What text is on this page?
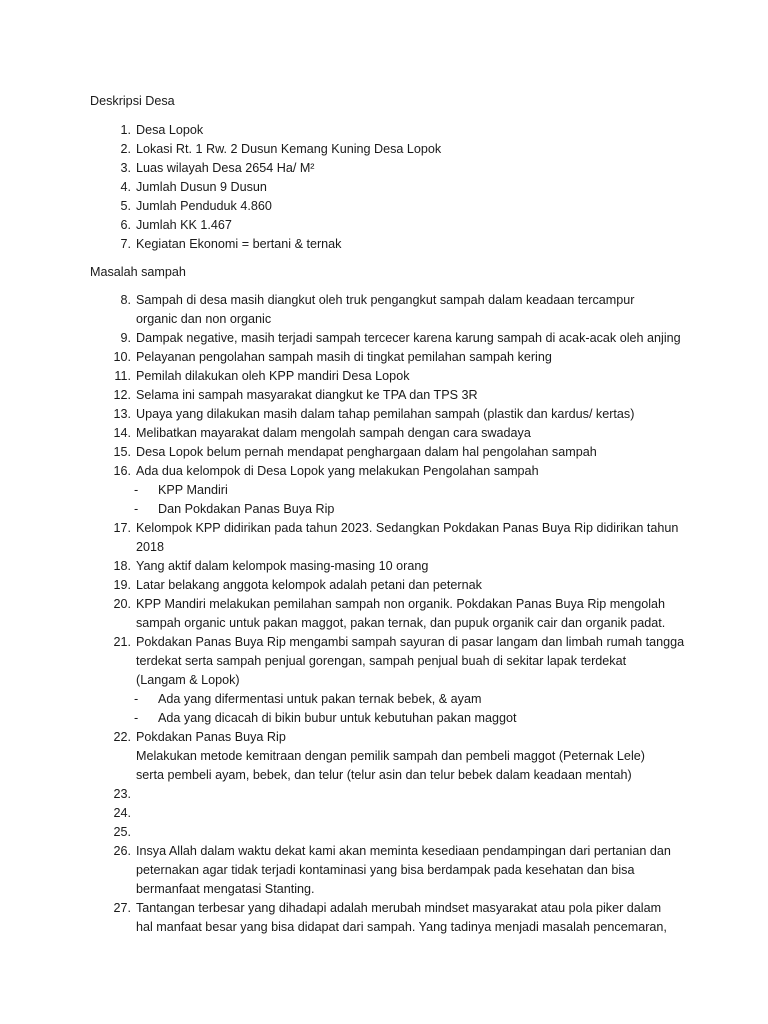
Deskripsi Desa
1. Desa Lopok
2. Lokasi Rt. 1 Rw. 2 Dusun Kemang Kuning Desa Lopok
3. Luas wilayah Desa 2654 Ha/ M²
4. Jumlah Dusun 9 Dusun
5. Jumlah Penduduk 4.860
6. Jumlah KK 1.467
7. Kegiatan Ekonomi = bertani & ternak
Masalah sampah
8. Sampah di desa masih diangkut oleh truk pengangkut sampah dalam keadaan tercampur
organic dan non organic
9. Dampak negative, masih terjadi sampah tercecer karena karung sampah di acak-acak oleh anjing
10. Pelayanan pengolahan sampah masih di tingkat pemilahan sampah kering
11. Pemilah dilakukan oleh KPP mandiri Desa Lopok
12. Selama ini sampah masyarakat diangkut ke TPA dan TPS 3R
13. Upaya yang dilakukan masih dalam tahap pemilahan sampah (plastik dan kardus/ kertas)
14. Melibatkan mayarakat dalam mengolah sampah dengan cara swadaya
15. Desa Lopok belum pernah mendapat penghargaan dalam hal pengolahan sampah
16. Ada dua kelompok di Desa Lopok yang melakukan Pengolahan sampah
- KPP Mandiri
- Dan Pokdakan Panas Buya Rip
17. Kelompok KPP didirikan pada tahun 2023. Sedangkan Pokdakan Panas Buya Rip didirikan tahun
2018
18. Yang aktif dalam kelompok masing-masing 10 orang
19. Latar belakang anggota kelompok adalah petani dan peternak
20. KPP Mandiri melakukan pemilahan sampah non organik. Pokdakan Panas Buya Rip mengolah
sampah organic untuk pakan maggot, pakan ternak, dan pupuk organik cair dan organik padat.
21. Pokdakan Panas Buya Rip mengambi sampah sayuran di pasar langam dan limbah rumah tangga
terdekat serta sampah penjual gorengan, sampah penjual buah di sekitar lapak terdekat
(Langam & Lopok)
- Ada yang difermentasi untuk pakan ternak bebek, & ayam
- Ada yang dicacah di bikin bubur untuk kebutuhan pakan maggot
22. Pokdakan Panas Buya Rip
Melakukan metode kemitraan dengan pemilik sampah dan pembeli maggot (Peternak Lele)
serta pembeli ayam, bebek, dan telur (telur asin dan telur bebek dalam keadaan mentah)
23.
24.
25.
26. Insya Allah dalam waktu dekat kami akan meminta kesediaan pendampingan dari pertanian dan
peternakan agar tidak terjadi kontaminasi yang bisa berdampak pada kesehatan dan bisa
bermanfaat mengatasi Stanting.
27. Tantangan terbesar yang dihadapi adalah merubah mindset masyarakat atau pola piker dalam
hal manfaat besar yang bisa didapat dari sampah. Yang tadinya menjadi masalah pencemaran,
